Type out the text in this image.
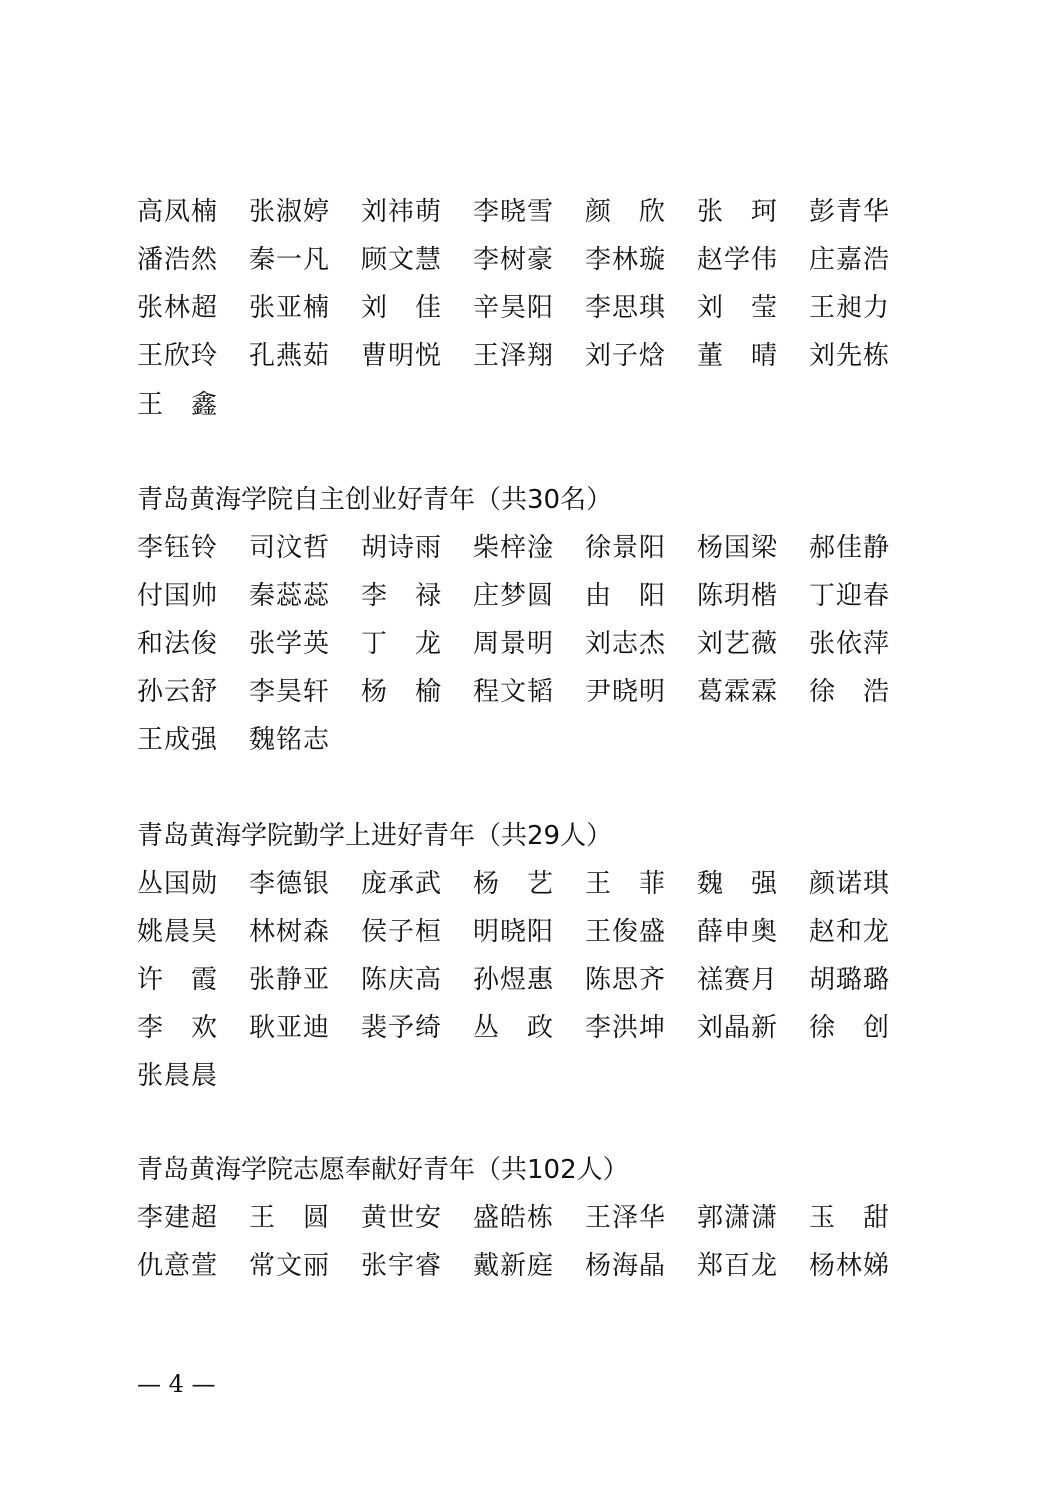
高凤楠	张淑婷	刘祎萌	李晓雪	颜　欣	张　珂	彭青华
潘浩然	秦一凡	顾文慧	李树豪	李林璇	赵学伟	庄嘉浩
张林超	张亚楠	刘　佳	辛昊阳	李思琪	刘　莹	王昶力
王欣玲	孔燕茹	曹明悦	王泽翔	刘子焓	董　晴	刘先栋
王　鑫
青岛黄海学院自主创业好青年（共30名）
李钰铃	司汶哲	胡诗雨	柴梓淦	徐景阳	杨国梁	郝佳静
付国帅	秦蕊蕊	李　禄	庄梦圆	由　阳	陈玥楷	丁迎春
和法俊	张学英	丁　龙	周景明	刘志杰	刘艺薇	张依萍
孙云舒	李昊轩	杨　榆	程文韬	尹晓明	葛霖霖	徐　浩
王成强	魏铭志
青岛黄海学院勤学上进好青年（共29人）
丛国勋	李德银	庞承武	杨　艺	王　菲	魏　强	颜诺琪
姚晨昊	林树森	侯子桓	明晓阳	王俊盛	薛申奥	赵和龙
许　霞	张静亚	陈庆高	孙煜惠	陈思齐	禚赛月	胡璐璐
李　欢	耿亚迪	裴予绮	丛　政	李洪坤	刘晶新	徐　创
张晨晨
青岛黄海学院志愿奉献好青年（共102人）
李建超	王　圆	黄世安	盛皓栋	王泽华	郭潇潇	玉　甜
仇意萱	常文丽	张宇睿	戴新庭	杨海晶	郑百龙	杨林娣
— 4 —
